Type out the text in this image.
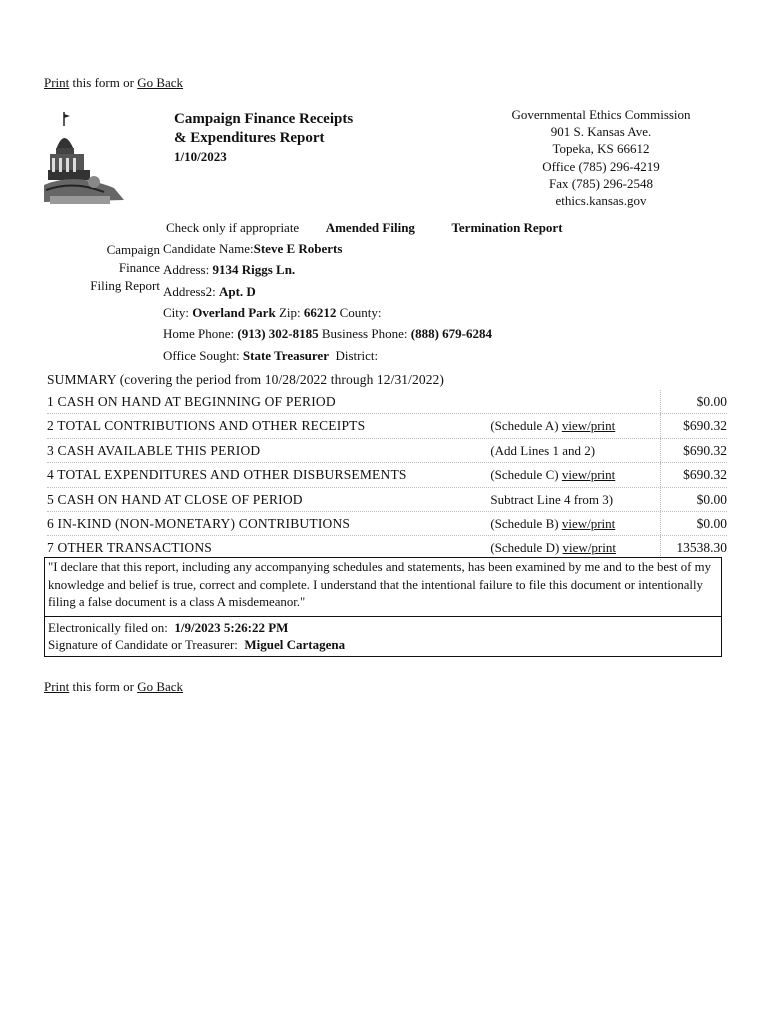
Print this form or Go Back
Campaign Finance Receipts
& Expenditures Report
1/10/2023
Governmental Ethics Commission
901 S. Kansas Ave.
Topeka, KS 66612
Office (785) 296-4219
Fax (785) 296-2548
ethics.kansas.gov
Check only if appropriate Amended Filing	Termination Report
Campaign
Finance
Filing Report
Candidate Name:Steve E Roberts
Address: 9134 Riggs Ln.
Address2: Apt. D
City: Overland Park Zip: 66212 County:
Home Phone: (913) 302-8185 Business Phone: (888) 679-6284
Office Sought: State Treasurer District:
SUMMARY (covering the period from 10/28/2022 through 12/31/2022)
1 CASH ON HAND AT BEGINNING OF PERIOD	$0.00
2 TOTAL CONTRIBUTIONS AND OTHER RECEIPTS	(Schedule A) view/print	$690.32
3 CASH AVAILABLE THIS PERIOD	(Add Lines 1 and 2)	$690.32
4 TOTAL EXPENDITURES AND OTHER DISBURSEMENTS	(Schedule C) view/print	$690.32
5 CASH ON HAND AT CLOSE OF PERIOD	Subtract Line 4 from 3)	$0.00
6 IN-KIND (NON-MONETARY) CONTRIBUTIONS	(Schedule B) view/print	$0.00
7 OTHER TRANSACTIONS	(Schedule D) view/print	13538.30
"I declare that this report, including any accompanying schedules and statements, has been examined by me and to the best of my knowledge and belief is true, correct and complete. I understand that the intentional failure to file this document or intentionally filing a false document is a class A misdemeanor."
Electronically filed on: 1/9/2023 5:26:22 PM
Signature of Candidate or Treasurer: Miguel Cartagena
Print this form or Go Back
